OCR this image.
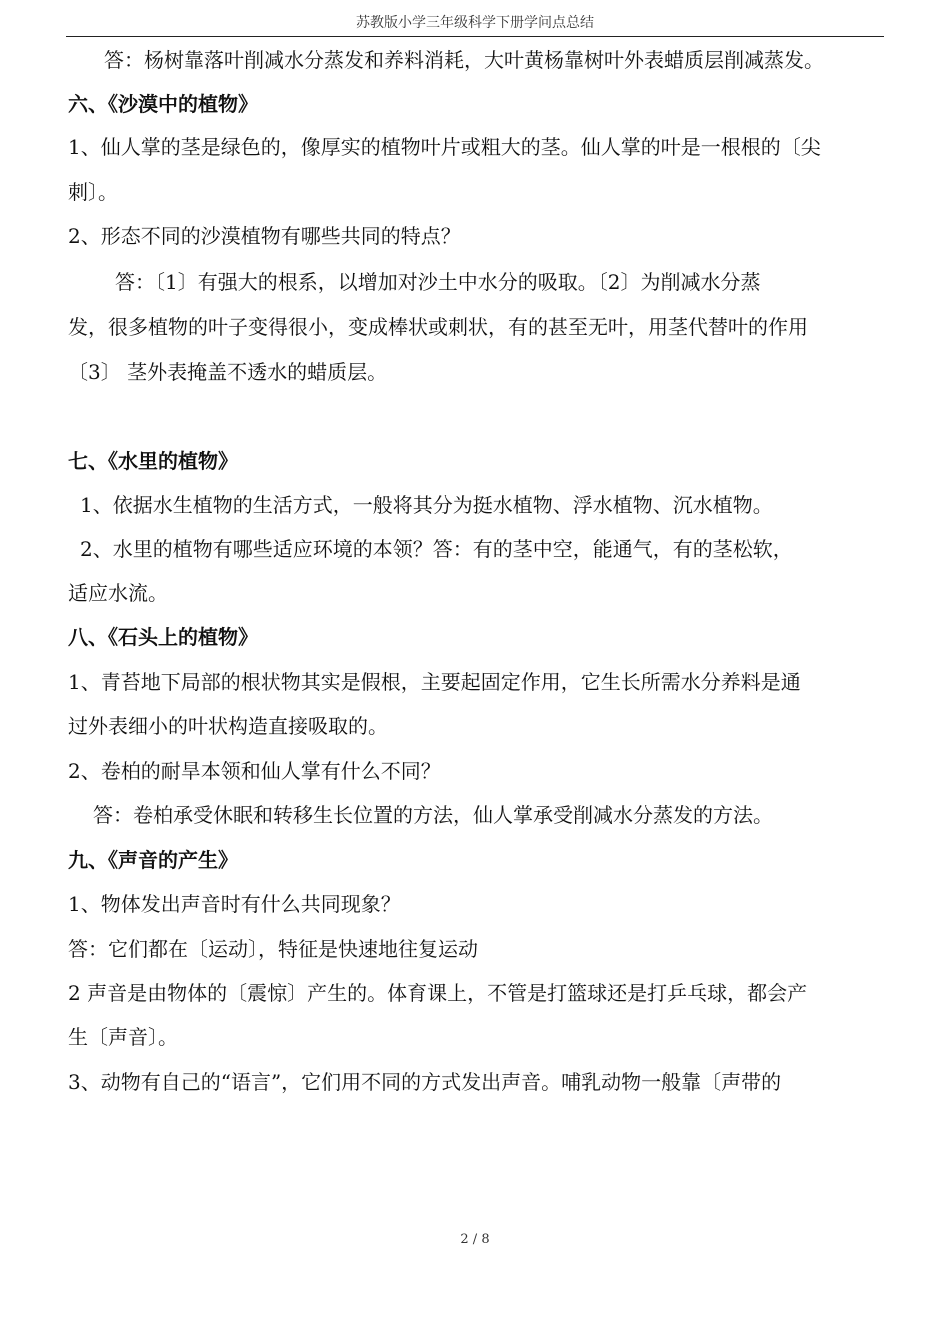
苏教版小学三年级科学下册学问点总结
答：杨树靠落叶削减水分蒸发和养料消耗，大叶黄杨靠树叶外表蜡质层削减蒸发。
六、《沙漠中的植物》
1、仙人掌的茎是绿色的，像厚实的植物叶片或粗大的茎。仙人掌的叶是一根根的〔尖
刺〕。
2、形态不同的沙漠植物有哪些共同的特点？
答：〔1〕有强大的根系，以增加对沙土中水分的吸取。〔2〕为削减水分蒸
发，很多植物的叶子变得很小，变成棒状或刺状，有的甚至无叶，用茎代替叶的作用
〔3〕 茎外表掩盖不透水的蜡质层。
七、《水里的植物》
1、依据水生植物的生活方式，一般将其分为挺水植物、浮水植物、沉水植物。
2、水里的植物有哪些适应环境的本领？答：有的茎中空，能通气，有的茎松软，
适应水流。
八、《石头上的植物》
1、青苔地下局部的根状物其实是假根，主要起固定作用，它生长所需水分养料是通
过外表细小的叶状构造直接吸取的。
2、卷柏的耐旱本领和仙人掌有什么不同？
答：卷柏承受休眠和转移生长位置的方法，仙人掌承受削减水分蒸发的方法。
九、《声音的产生》
1、物体发出声音时有什么共同现象？
答：它们都在〔运动〕，特征是快速地往复运动
2 声音是由物体的〔震惊〕产生的。体育课上，不管是打篮球还是打乒乓球，都会产
生〔声音〕。
3、动物有自己的“语言”，它们用不同的方式发出声音。哺乳动物一般靠〔声带的
2 / 8
